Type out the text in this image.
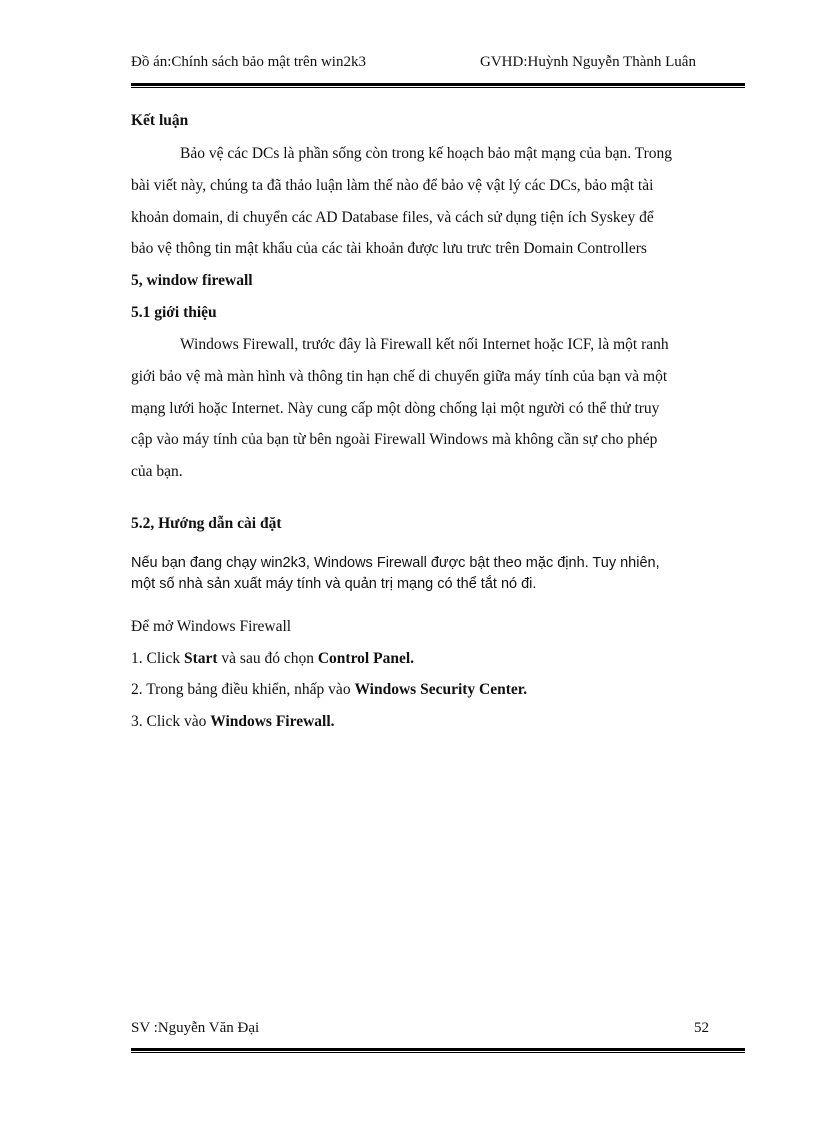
Đồ án:Chính sách bảo mật trên win2k3	GVHD:Huỳnh Nguyễn Thành Luân
Kết luận
Bảo vệ các DCs là phần sống còn trong kế hoạch bảo mật mạng của bạn. Trong
bài viết này, chúng ta đã thảo luận làm thế nào để bảo vệ vật lý các DCs, bảo mật tài
khoản domain, di chuyển các AD Database files, và cách sử dụng tiện ích Syskey để
bảo vệ thông tin mật khẩu của các tài khoản được lưu trưc trên Domain Controllers
5, window firewall
5.1 giới thiệu
Windows Firewall, trước đây là Firewall kết nối Internet hoặc ICF, là một ranh
giới bảo vệ mà màn hình và thông tin hạn chế di chuyển giữa máy tính của bạn và một
mạng lưới hoặc Internet. Này cung cấp một dòng chống lại một người có thể thử truy
cập vào máy tính của bạn từ bên ngoài Firewall Windows mà không cần sự cho phép
của bạn.
5.2, Hướng dẫn cài đặt
Nếu bạn đang chạy win2k3, Windows Firewall được bật theo mặc định. Tuy nhiên,
một số nhà sản xuất máy tính và quản trị mạng có thể tắt nó đi.
Để mở Windows Firewall
1. Click Start và sau đó chọn Control Panel.
2. Trong bảng điều khiển, nhấp vào Windows Security Center.
3. Click vào Windows Firewall.
SV :Nguyễn Văn Đại	52
